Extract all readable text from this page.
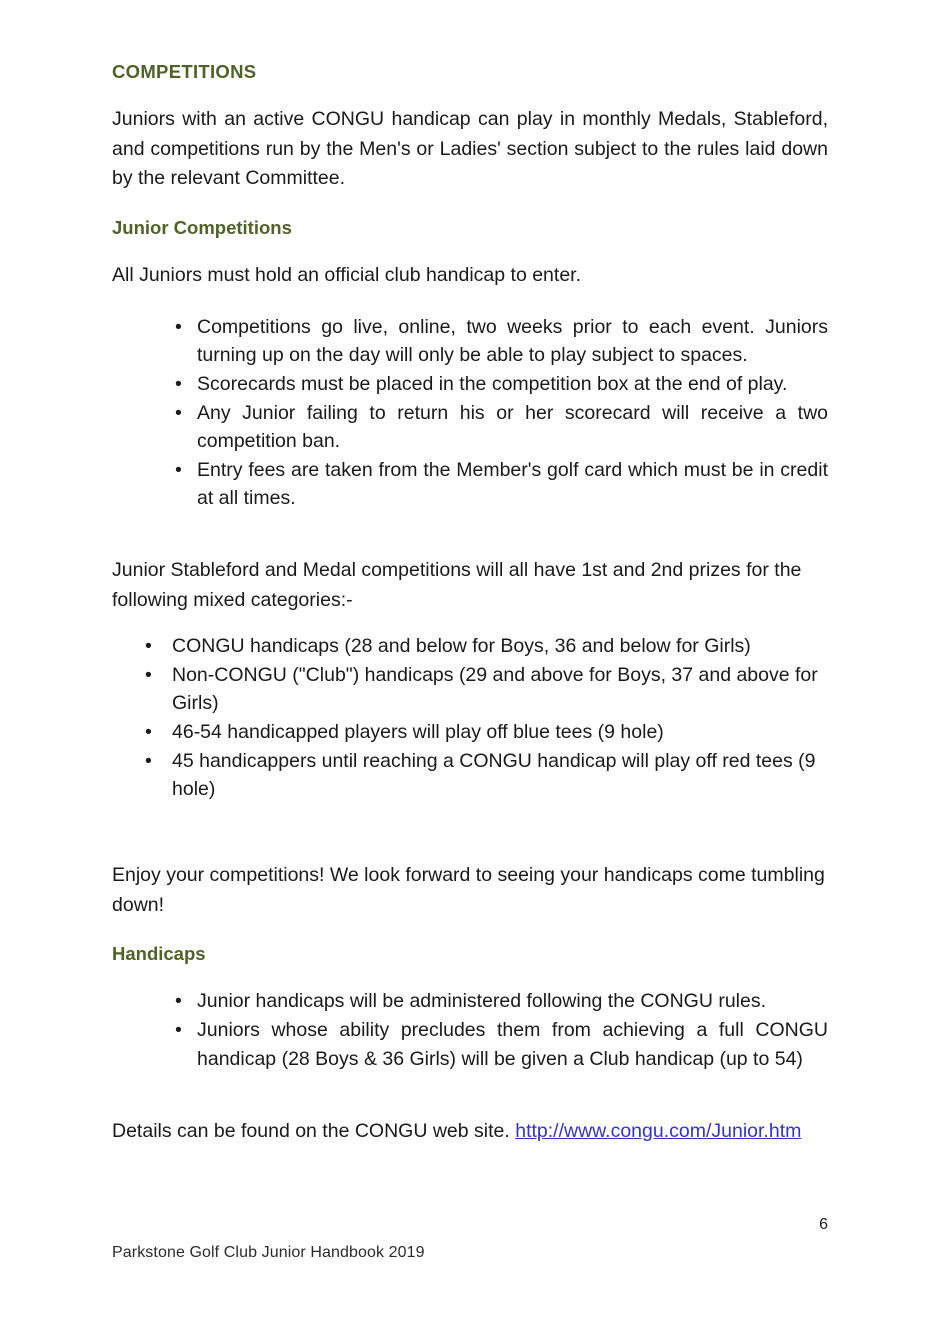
COMPETITIONS

Juniors with an active CONGU handicap can play in monthly Medals, Stableford, and competitions run by the Men's or Ladies' section subject to the rules laid down by the relevant Committee.

Junior Competitions

All Juniors must hold an official club handicap to enter.

• Competitions go live, online, two weeks prior to each event. Juniors turning up on the day will only be able to play subject to spaces.
• Scorecards must be placed in the competition box at the end of play.
• Any Junior failing to return his or her scorecard will receive a two competition ban.
• Entry fees are taken from the Member's golf card which must be in credit at all times.

Junior Stableford and Medal competitions will all have 1st and 2nd prizes for the following mixed categories:-

•	CONGU handicaps (28 and below for Boys, 36 and below for Girls)
•	Non-CONGU ("Club") handicaps (29 and above for Boys, 37 and above for Girls)
•	46-54 handicapped players will play off blue tees (9 hole)
•	45 handicappers until reaching a CONGU handicap will play off red tees (9 hole)

Enjoy your competitions! We look forward to seeing your handicaps come tumbling down!

Handicaps
• Junior handicaps will be administered following the CONGU rules.
• Juniors whose ability precludes them from achieving a full CONGU handicap (28 Boys & 36 Girls) will be given a Club handicap (up to 54)

Details can be found on the CONGU web site. http://www.congu.com/Junior.htm

6
Parkstone Golf Club Junior Handbook 2019
